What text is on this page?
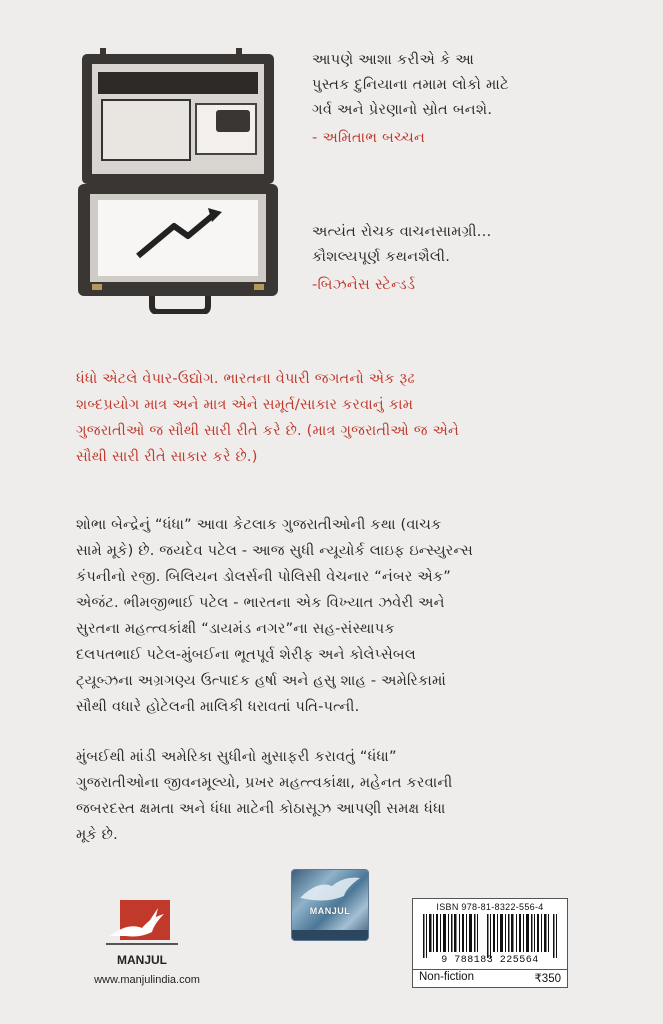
આપણે આશા કરીએ કે આ
પુસ્તક દુનિયાના તમામ લોકો માટે
ગર્વ અને પ્રેરણાનો સ્રોત બનશે.
- અમિતાભ બચ્ચન
અત્યંત રોચક વાચનસામગ્રી...
કૌશલ્યપૂર્ણ કથનશૈલી.
-બિઝનેસ સ્ટેન્ડર્ડ
ધંધો એટલે વેપાર-ઉદ્યોગ. ભારતના વેપારી જગતનો એક રૂઢ
શબ્દપ્રયોગ માત્ર અને માત્ર એને સમૂર્ત/સાકાર કરવાનું કામ
ગુજરાતીઓ જ સૌથી સારી રીતે કરે છે. (માત્ર ગુજરાતીઓ જ એને
સૌથી સારી રીતે સાકાર કરે છે.)
શોભા બેન્દ્રેનું “ધંધા” આવા કેટલાક ગુજરાતીઓની કથા (વાચક
સામે મૂકે) છે. જયદેવ પટેલ - આજ સુધી ન્યૂયોર્ક લાઇફ ઇન્સ્યુરન્સ
કંપનીનો રજી. બિલિયન ડોલર્સની પોલિસી વેચનાર “નંબર એક”
એજંટ. ભીમજીભાઈ પટેલ - ભારતના એક વિખ્યાત ઝવેરી અને
સુરતના મહત્ત્વકાંક્ષી “ડાયમંડ નગર”ના સહ-સંસ્થાપક
દલપતભાઈ પટેલ-મુંબઈના ભૂતપૂર્વ શેરીફ અને કોલેપ્સેબલ
ટ્યૂબ્ઝના અગ્રગણ્ય ઉત્પાદક હર્ષા અને હસુ શાહ - અમેરિકામાં
સૌથી વધારે હોટેલની માલિકી ધરાવતાં પતિ-પત્ની.
મુંબઈથી માંડી અમેરિકા સુધીનો મુસાફરી કરાવતું “ધંધા”
ગુજરાતીઓના જીવનમૂલ્યો, પ્રખર મહત્ત્વકાંક્ષા, મહેનત કરવાની
જબરદસ્ત ક્ષમતા અને ધંધા માટેની કોઠાસૂઝ આપણી સમક્ષ ધંધા
મૂકે છે.
MANJUL
www.manjulindia.com
MANJUL	ISBN 978-81-8322-556-4
9 788183 225564
Non-fiction	₹350
